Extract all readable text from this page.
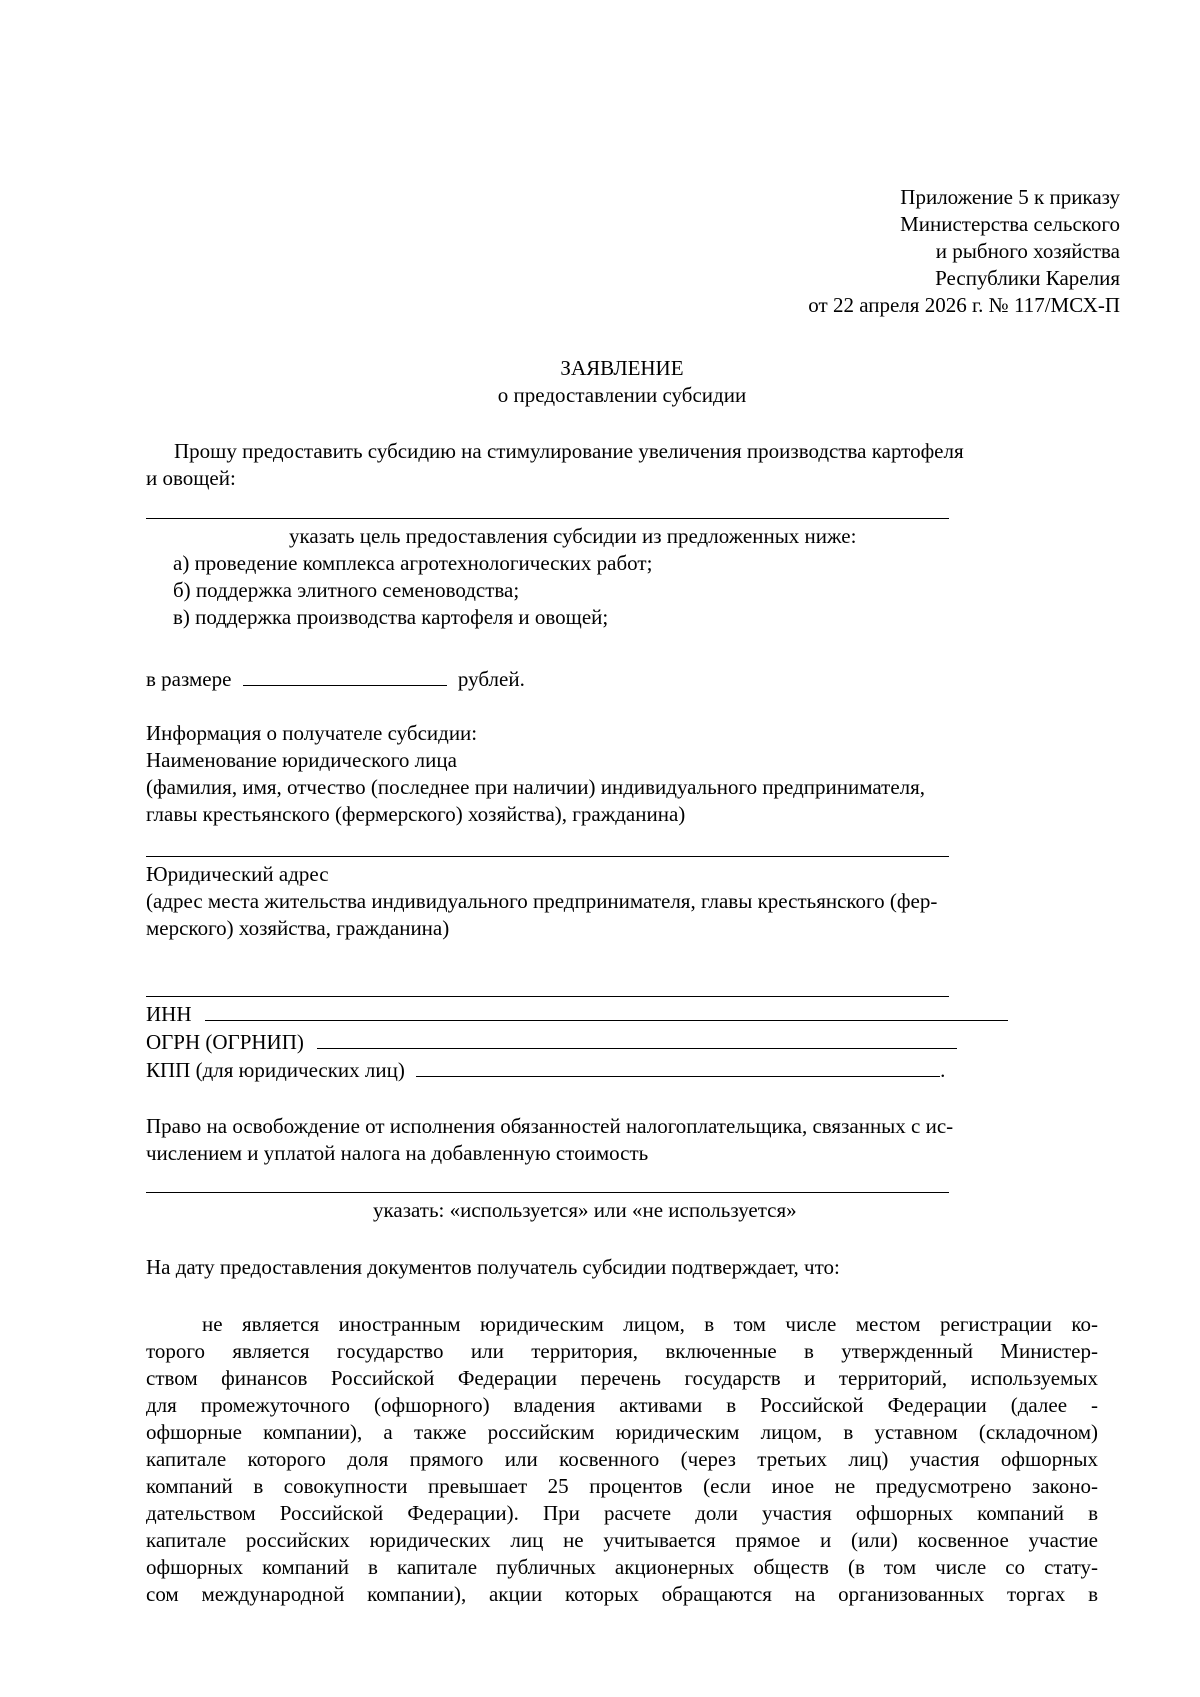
Приложение 5 к приказу
Министерства сельского
и рыбного хозяйства
Республики Карелия
от 22 апреля 2026 г. № 117/МСХ-П
ЗАЯВЛЕНИЕ
о предоставлении субсидии
Прошу предоставить субсидию на стимулирование увеличения производства картофеля
и овощей:
указать цель предоставления субсидии из предложенных ниже:
а) проведение комплекса агротехнологических работ;
б) поддержка элитного семеноводства;
в) поддержка производства картофеля и овощей;
в размере	рублей.
Информация о получателе субсидии:
Наименование юридического лица
(фамилия, имя, отчество (последнее при наличии) индивидуального предпринимателя,
главы крестьянского (фермерского) хозяйства), гражданина)
Юридический адрес
(адрес места жительства индивидуального предпринимателя, главы крестьянского (фер-
мерского) хозяйства, гражданина)
ИНН
ОГРН (ОГРНИП)
КПП (для юридических лиц)	.
Право на освобождение от исполнения обязанностей налогоплательщика, связанных с ис-
числением и уплатой налога на добавленную стоимость
указать: «используется» или «не используется»
На дату предоставления документов получатель субсидии подтверждает, что:
не является иностранным юридическим лицом, в том числе местом регистрации ко-
торого является государство или территория, включенные в утвержденный Министер-
ством финансов Российской Федерации перечень государств и территорий, используемых
для промежуточного (офшорного) владения активами в Российской Федерации (далее -
офшорные компании), а также российским юридическим лицом, в уставном (складочном)
капитале которого доля прямого или косвенного (через третьих лиц) участия офшорных
компаний в совокупности превышает 25 процентов (если иное не предусмотрено законо-
дательством Российской Федерации). При расчете доли участия офшорных компаний в
капитале российских юридических лиц не учитывается прямое и (или) косвенное участие
офшорных компаний в капитале публичных акционерных обществ (в том числе со стату-
сом международной компании), акции которых обращаются на организованных торгах в
